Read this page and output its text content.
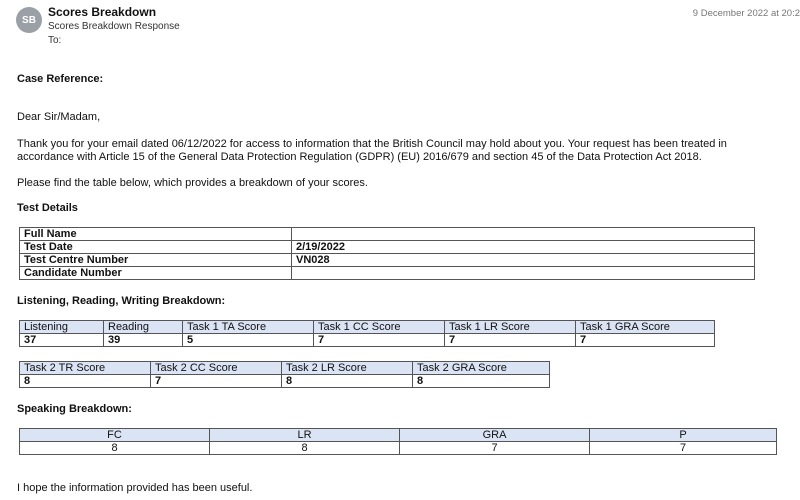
SB
Scores Breakdown
Scores Breakdown Response
To:
9 December 2022 at 20:2
Case Reference:
Dear Sir/Madam,
Thank you for your email dated 06/12/2022 for access to information that the British Council may hold about you. Your request has been treated in
accordance with Article 15 of the General Data Protection Regulation (GDPR) (EU) 2016/679 and section 45 of the Data Protection Act 2018.
Please find the table below, which provides a breakdown of your scores.
Test Details
Full Name	
Test Date	2/19/2022
Test Centre Number	VN028
Candidate Number	
Listening, Reading, Writing Breakdown:
Listening	Reading	Task 1 TA Score	Task 1 CC Score	Task 1 LR Score	Task 1 GRA Score
37	39	5	7	7	7
Task 2 TR Score	Task 2 CC Score	Task 2 LR Score	Task 2 GRA Score
8	7	8	8
Speaking Breakdown:
FC	LR	GRA	P
8	8	7	7
I hope the information provided has been useful.
